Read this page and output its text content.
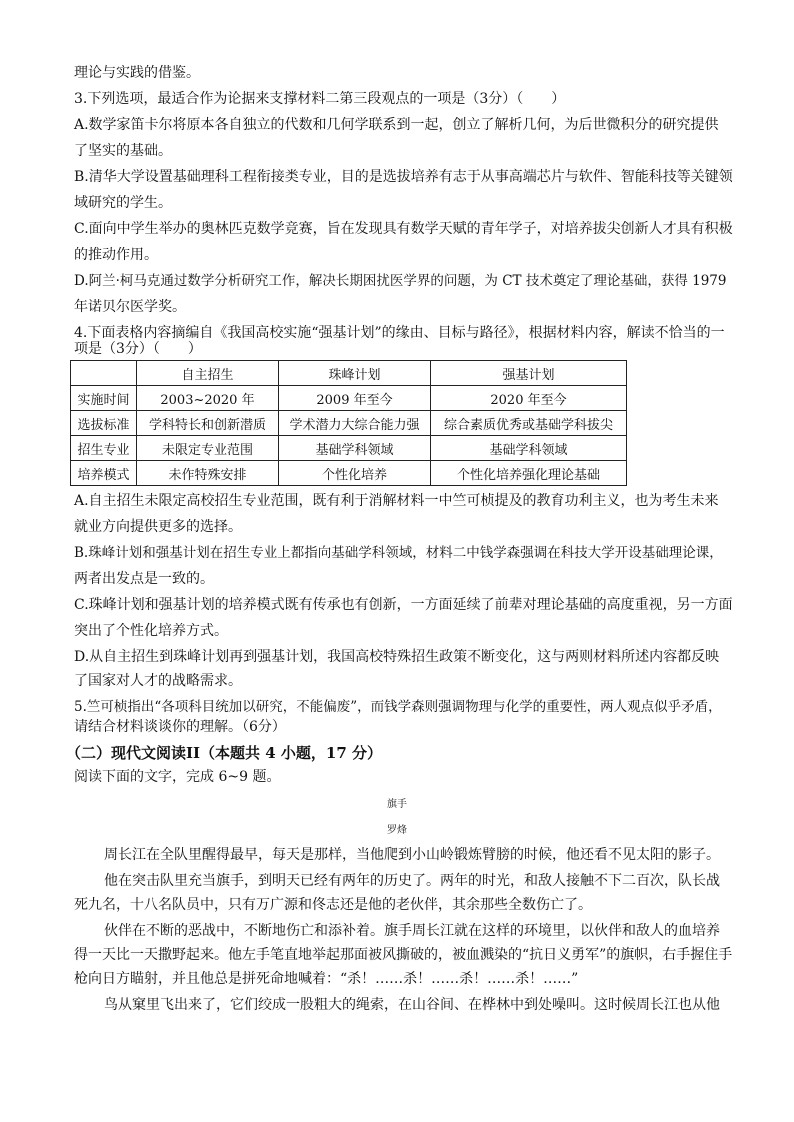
理论与实践的借鉴。
3.下列选项，最适合作为论据来支撑材料二第三段观点的一项是（3分）（　　）
A.数学家笛卡尔将原本各自独立的代数和几何学联系到一起，创立了解析几何，为后世微积分的研究提供
了坚实的基础。
B.清华大学设置基础理科工程衔接类专业，目的是选拔培养有志于从事高端芯片与软件、智能科技等关键领
域研究的学生。
C.面向中学生举办的奥林匹克数学竞赛，旨在发现具有数学天赋的青年学子，对培养拔尖创新人才具有积极
的推动作用。
D.阿兰·柯马克通过数学分析研究工作，解决长期困扰医学界的问题，为 CT 技术奠定了理论基础，获得 1979
年诺贝尔医学奖。
4.下面表格内容摘编自《我国高校实施“强基计划”的缘由、目标与路径》，根据材料内容，解读不恰当的一
项是（3分）（　　）
	自主招生	珠峰计划	强基计划
实施时间	2003~2020 年	2009 年至今	2020 年至今
选拔标准	学科特长和创新潜质	学术潜力大综合能力强	综合素质优秀或基础学科拔尖
招生专业	未限定专业范围	基础学科领域	基础学科领域
培养模式	未作特殊安排	个性化培养	个性化培养强化理论基础
A.自主招生未限定高校招生专业范围，既有利于消解材料一中竺可桢提及的教育功利主义，也为考生未来
就业方向提供更多的选择。
B.珠峰计划和强基计划在招生专业上都指向基础学科领域，材料二中钱学森强调在科技大学开设基础理论课，
两者出发点是一致的。
C.珠峰计划和强基计划的培养模式既有传承也有创新，一方面延续了前辈对理论基础的高度重视，另一方面
突出了个性化培养方式。
D.从自主招生到珠峰计划再到强基计划，我国高校特殊招生政策不断变化，这与两则材料所述内容都反映
了国家对人才的战略需求。
5.竺可桢指出“各项科目统加以研究，不能偏废”，而钱学森则强调物理与化学的重要性，两人观点似乎矛盾，
请结合材料谈谈你的理解。（6分）
（二）现代文阅读II（本题共 4 小题，17 分）
阅读下面的文字，完成 6~9 题。
旗手
罗烽
周长江在全队里醒得最早，每天是那样，当他爬到小山岭锻炼臂膀的时候，他还看不见太阳的影子。
他在突击队里充当旗手，到明天已经有两年的历史了。两年的时光，和敌人接触不下二百次，队长战
死九名，十八名队员中，只有万广源和佟志还是他的老伙伴，其余那些全数伤亡了。
伙伴在不断的恶战中，不断地伤亡和添补着。旗手周长江就在这样的环境里，以伙伴和敌人的血培养
得一天比一天撒野起来。他左手笔直地举起那面被风撕破的，被血溅染的“抗日义勇军”的旗帜，右手握住手
枪向日方瞄射，并且他总是拼死命地喊着：“杀！……杀！……杀！……杀！……”
鸟从窠里飞出来了，它们绞成一股粗大的绳索，在山谷间、在桦林中到处噪叫。这时候周长江也从他
